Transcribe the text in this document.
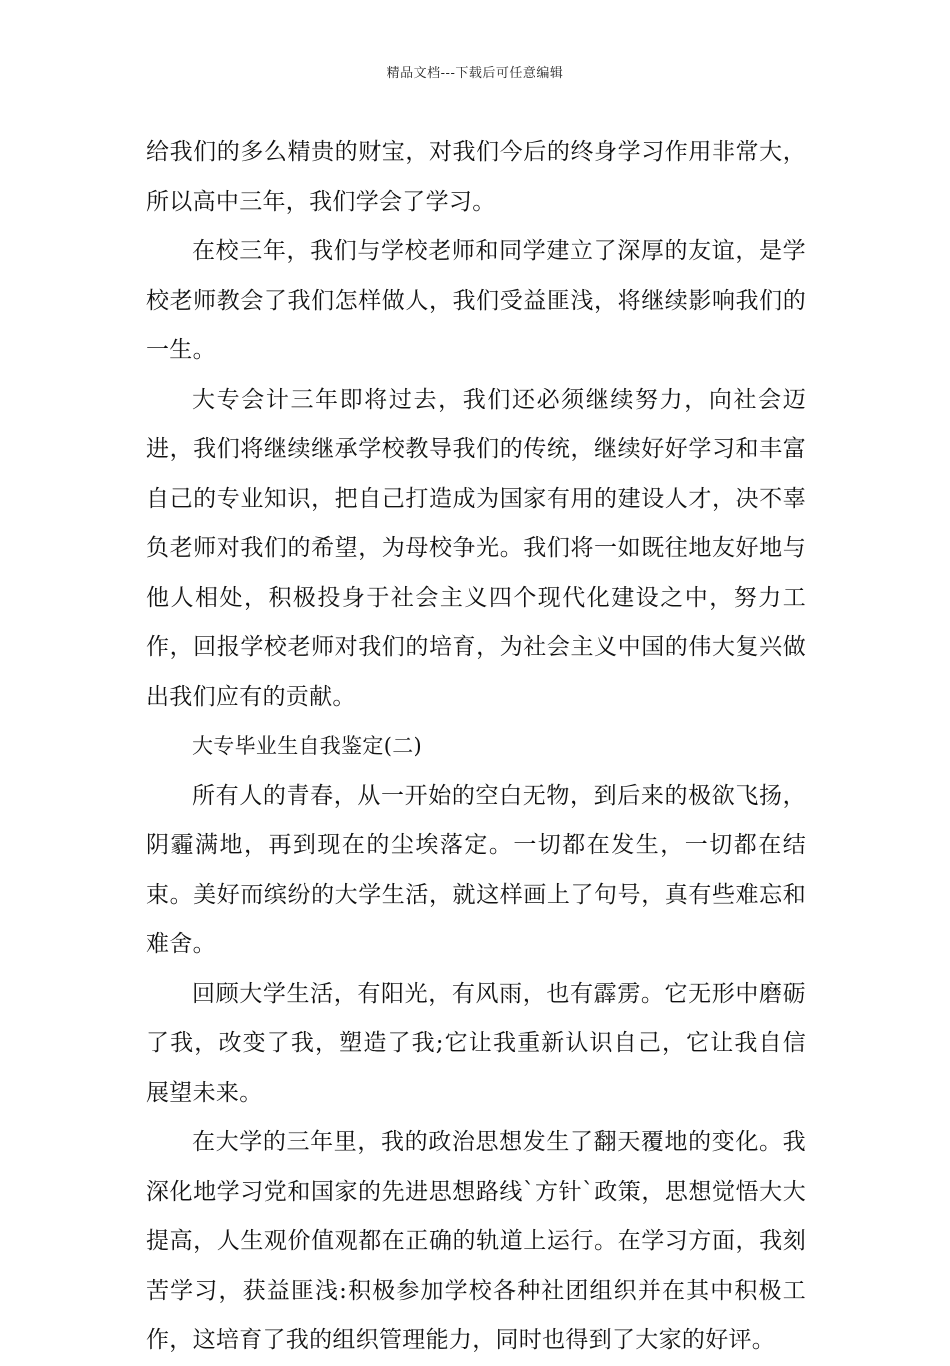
精品文档---下载后可任意编辑

给我们的多么精贵的财宝，对我们今后的终身学习作用非常大，所以高中三年，我们学会了学习。

在校三年，我们与学校老师和同学建立了深厚的友谊，是学校老师教会了我们怎样做人，我们受益匪浅，将继续影响我们的一生。

大专会计三年即将过去，我们还必须继续努力，向社会迈进，我们将继续继承学校教导我们的传统，继续好好学习和丰富自己的专业知识，把自己打造成为国家有用的建设人才，决不辜负老师对我们的希望，为母校争光。我们将一如既往地友好地与他人相处，积极投身于社会主义四个现代化建设之中，努力工作，回报学校老师对我们的培育，为社会主义中国的伟大复兴做出我们应有的贡献。

大专毕业生自我鉴定(二)

所有人的青春，从一开始的空白无物，到后来的极欲飞扬，阴霾满地，再到现在的尘埃落定。一切都在发生，一切都在结束。美好而缤纷的大学生活，就这样画上了句号，真有些难忘和难舍。

回顾大学生活，有阳光，有风雨，也有霹雳。它无形中磨砺了我，改变了我，塑造了我;它让我重新认识自己，它让我自信展望未来。

在大学的三年里，我的政治思想发生了翻天覆地的变化。我深化地学习党和国家的先进思想路线`方针`政策，思想觉悟大大提高，人生观价值观都在正确的轨道上运行。在学习方面，我刻苦学习，获益匪浅:积极参加学校各种社团组织并在其中积极工作，这培育了我的组织管理能力，同时也得到了大家的好评。
